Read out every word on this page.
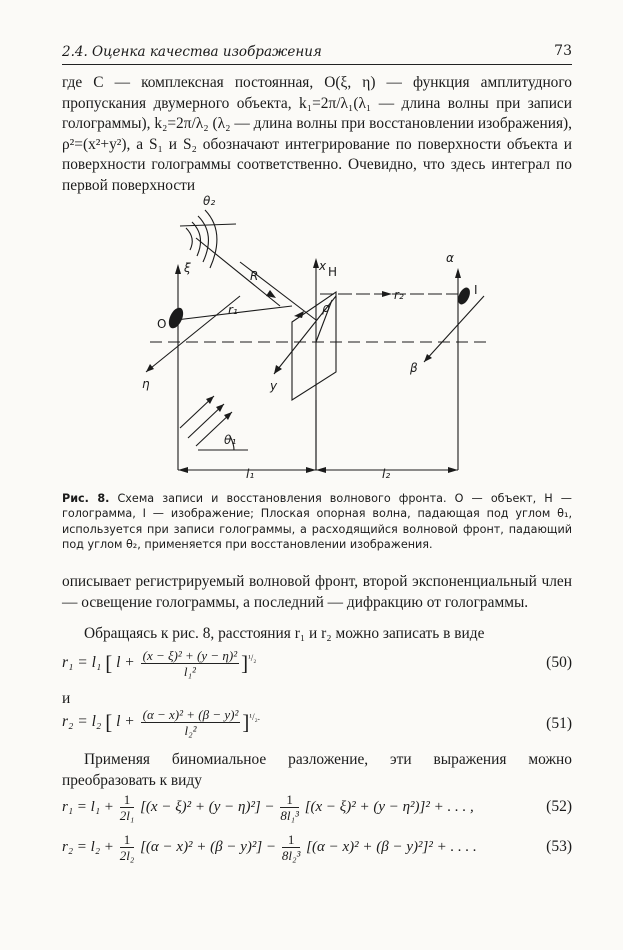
2.4. Оценка качества изображения	73

где C — комплексная постоянная, O(ξ, η) — функция амплитудного пропускания двумерного объекта, k₁=2π/λ₁(λ₁ — длина волны при записи голограммы), k₂=2π/λ₂ (λ₂ — длина волны при восстановлении изображения), ρ²=(x²+y²), а S₁ и S₂ обозначают интегрирование по поверхности объекта и поверхности голограммы соответственно. Очевидно, что здесь интеграл по первой поверхности

θ₂
ξ	x H
α
I
O
R
r₁
r₂
ρ
η	y
β
θ₁
l₁	l₂
Рис. 8. Схема записи и восстановления волнового фронта. O — объект, H — голограмма, I — изображение; Плоская опорная волна, падающая под углом θ₁, используется при записи голограммы, а расходящийся волновой фронт, падающий под углом θ₂, применяется при восстановлении изображения.

описывает регистрируемый волновой фронт, второй экспоненциальный член — освещение голограммы, а последний — дифракцию от голограммы.

Обращаясь к рис. 8, расстояния r₁ и r₂ можно записать в виде

r₁ = l₁ [ $l + \frac{\text{(x − ξ)² + (y − η)²}}{\text{l₁²}} ]^{^1/_2}$	(50)
и
r₂ = l₂ [ $l + \frac{\text{(α − x)² + (β − y)²}}{\text{l₂²}} ]^{^1/_2.}$	(51)

Применяя биномиальное разложение, эти выражения можно преобразовать к виду

$r_1 = l_1 + \frac{1}{\text{2l₁}} [(x - \xi)^2 + (y - \eta)^2] - \frac{1}{\text{8l₁³}} [(x - \xi)^2 + (y - \eta^2)]^2$ + . . . ,	(52)
$r_2 = l_2 + \frac{1}{\text{2l₂}} [(\alpha - x)^2 + (\beta - y)^2] - \frac{1}{\text{8l₂³}} [(\alpha - x)^2 + (\beta - y)^2]^2$ + . . . .	(53)
